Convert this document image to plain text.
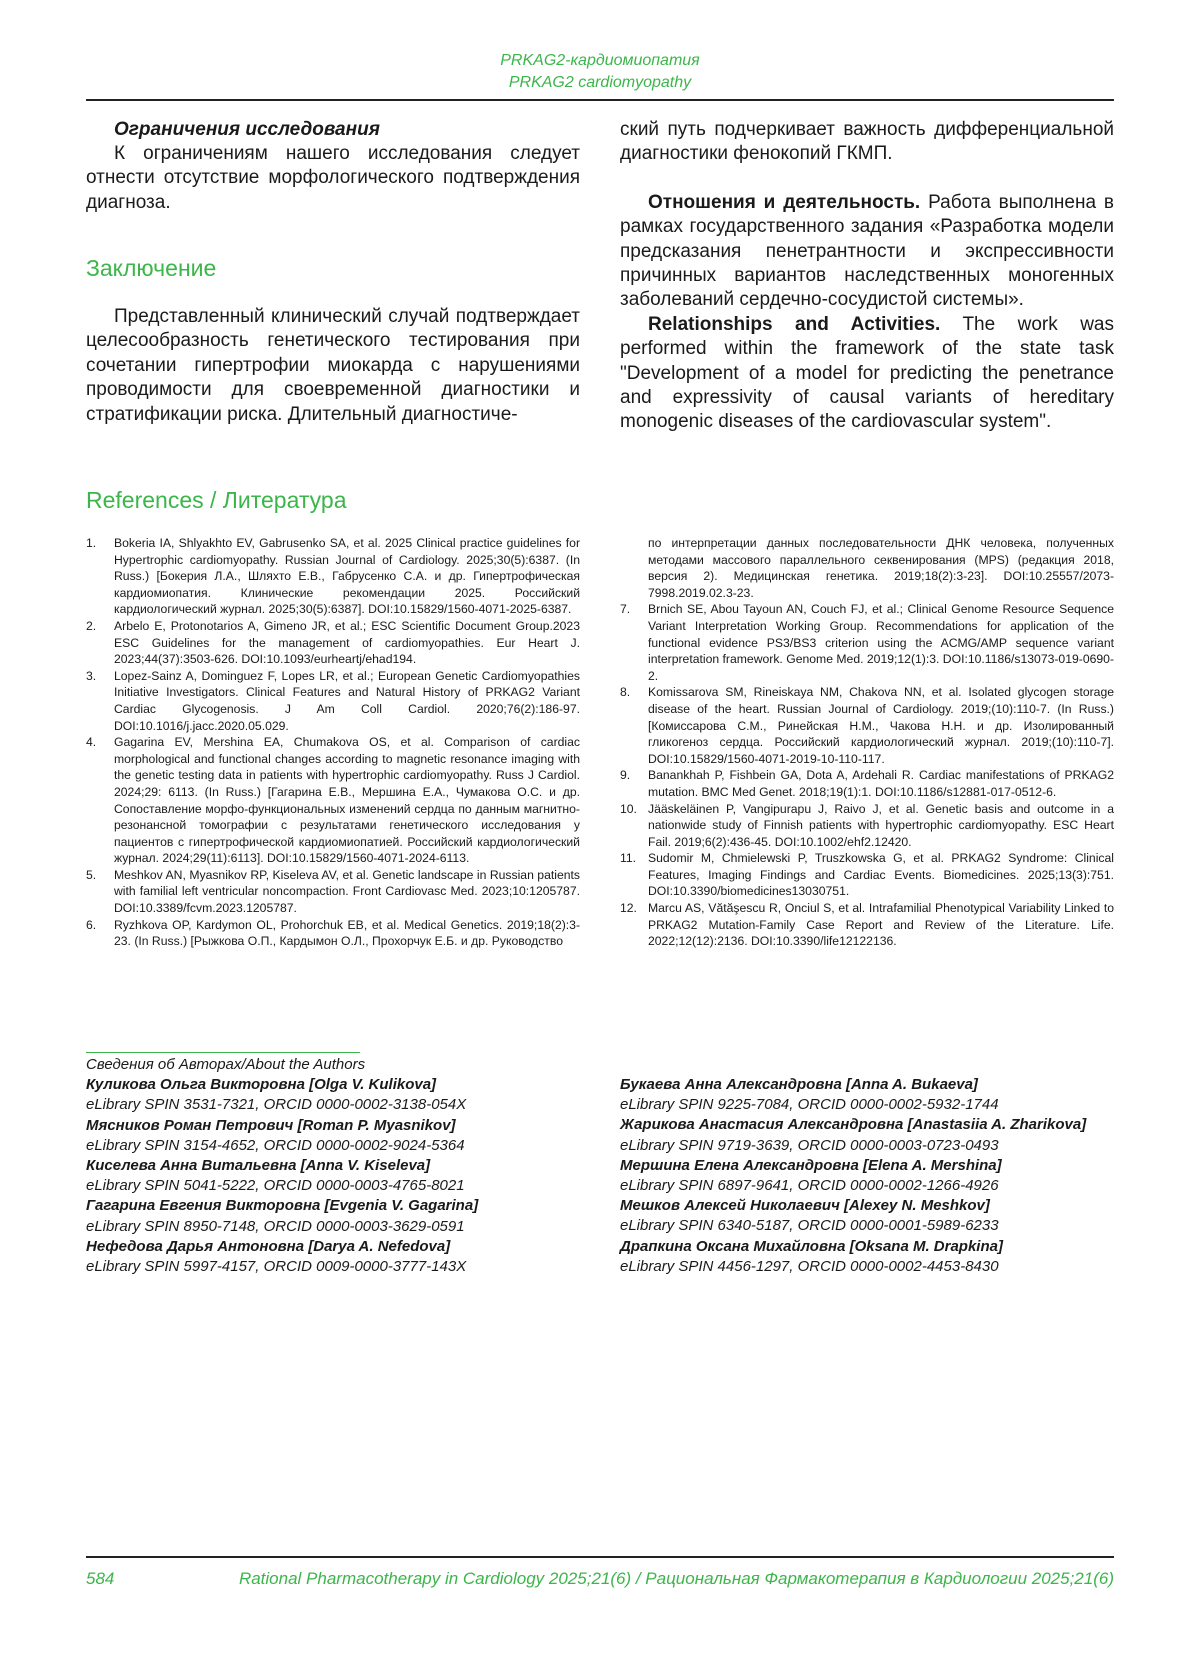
PRKAG2-кардиомиопатия
PRKAG2 cardiomyopathy

Ограничения исследования

К ограничениям нашего исследования следует отнести отсутствие морфологического подтверждения диагноза.

Заключение

Представленный клинический случай подтверждает целесообразность генетического тестирования при сочетании гипертрофии миокарда с нарушениями проводимости для своевременной диагностики и стратификации риска. Длительный диагностиче-

ский путь подчеркивает важность дифференциальной диагностики фенокопий ГКМП.

Отношения и деятельность. Работа выполнена в рамках государственного задания «Разработка модели предсказания пенетрантности и экспрессивности причинных вариантов наследственных моногенных заболеваний сердечно-сосудистой системы».

Relationships and Activities. The work was performed within the framework of the state task "Development of a model for predicting the penetrance and expressivity of causal variants of hereditary monogenic diseases of the cardiovascular system".

References / Литература
1.	Bokeria IA, Shlyakhto EV, Gabrusenko SA, et al. 2025 Clinical practice guidelines for Hypertrophic cardiomyopathy. Russian Journal of Cardiology. 2025;30(5):6387. (In Russ.) [Бокерия Л.А., Шляхто Е.В., Габрусенко С.А. и др. Гипертрофическая кардиомиопатия. Клинические рекомендации 2025. Российский кардиологический журнал. 2025;30(5):6387]. DOI:10.15829/1560-4071-2025-6387.
2.	Arbelo E, Protonotarios A, Gimeno JR, et al.; ESC Scientific Document Group.2023 ESC Guidelines for the management of cardiomyopathies. Eur Heart J. 2023;44(37):3503-626. DOI:10.1093/eurheartj/ehad194.
3.	Lopez-Sainz A, Dominguez F, Lopes LR, et al.; European Genetic Cardiomyopathies Initiative Investigators. Clinical Features and Natural History of PRKAG2 Variant Cardiac Glycogenosis. J Am Coll Cardiol. 2020;76(2):186-97. DOI:10.1016/j.jacc.2020.05.029.
4.	Gagarina EV, Mershina EA, Chumakova OS, et al. Comparison of cardiac morphological and functional changes according to magnetic resonance imaging with the genetic testing data in patients with hypertrophic cardiomyopathy. Russ J Cardiol. 2024;29: 6113. (In Russ.) [Гагарина Е.В., Мершина Е.А., Чумакова О.С. и др. Сопоставление морфо-функциональных изменений сердца по данным магнитно-резонансной томографии с результатами генетического исследования у пациентов с гипертрофической кардиомиопатией. Российский кардиологический журнал. 2024;29(11):6113]. DOI:10.15829/1560-4071-2024-6113.
5.	Meshkov AN, Myasnikov RP, Kiseleva AV, et al. Genetic landscape in Russian patients with familial left ventricular noncompaction. Front Cardiovasc Med. 2023;10:1205787. DOI:10.3389/fcvm.2023.1205787.
6.	Ryzhkova OP, Kardymon OL, Prohorchuk EB, et al. Medical Genetics. 2019;18(2):3-23. (In Russ.) [Рыжкова О.П., Кардымон О.Л., Прохорчук Е.Б. и др. Руководство
по интерпретации данных последовательности ДНК человека, полученных методами массового параллельного секвенирования (MPS) (редакция 2018, версия 2). Медицинская генетика. 2019;18(2):3-23]. DOI:10.25557/2073-7998.2019.02.3-23.
7.	Brnich SE, Abou Tayoun AN, Couch FJ, et al.; Clinical Genome Resource Sequence Variant Interpretation Working Group. Recommendations for application of the functional evidence PS3/BS3 criterion using the ACMG/AMP sequence variant interpretation framework. Genome Med. 2019;12(1):3. DOI:10.1186/s13073-019-0690-2.
8.	Komissarova SM, Rineiskaya NM, Chakova NN, et al. Isolated glycogen storage disease of the heart. Russian Journal of Cardiology. 2019;(10):110-7. (In Russ.) [Комиссарова С.М., Ринейская Н.М., Чакова Н.Н. и др. Изолированный гликогеноз сердца. Российский кардиологический журнал. 2019;(10):110-7]. DOI:10.15829/1560-4071-2019-10-110-117.
9.	Banankhah P, Fishbein GA, Dota A, Ardehali R. Cardiac manifestations of PRKAG2 mutation. BMC Med Genet. 2018;19(1):1. DOI:10.1186/s12881-017-0512-6.
10. Jääskeläinen P, Vangipurapu J, Raivo J, et al. Genetic basis and outcome in a nationwide study of Finnish patients with hypertrophic cardiomyopathy. ESC Heart Fail. 2019;6(2):436-45. DOI:10.1002/ehf2.12420.
11. Sudomir M, Chmielewski P, Truszkowska G, et al. PRKAG2 Syndrome: Clinical Features, Imaging Findings and Cardiac Events. Biomedicines. 2025;13(3):751. DOI:10.3390/biomedicines13030751.
12. Marcu AS, Vătăşescu R, Onciul S, et al. Intrafamilial Phenotypical Variability Linked to PRKAG2 Mutation-Family Case Report and Review of the Literature. Life. 2022;12(12):2136. DOI:10.3390/life12122136.
Сведения об Авторах/About the Authors
Куликова Ольга Викторовна [Olga V. Kulikova]
eLibrary SPIN 3531-7321, ORCID 0000-0002-3138-054X
Мясников Роман Петрович [Roman P. Myasnikov]
eLibrary SPIN 3154-4652, ORCID 0000-0002-9024-5364
Киселева Анна Витальевна [Anna V. Kiseleva]
eLibrary SPIN 5041-5222, ORCID 0000-0003-4765-8021
Гагарина Евгения Викторовна [Evgenia V. Gagarina]
eLibrary SPIN 8950-7148, ORCID 0000-0003-3629-0591
Нефедова Дарья Антоновна [Darya A. Nefedova]
eLibrary SPIN 5997-4157, ORCID 0009-0000-3777-143X
Букаева Анна Александровна [Anna A. Bukaeva]
eLibrary SPIN 9225-7084, ORCID 0000-0002-5932-1744
Жарикова Анастасия Александровна [Anastasiia A. Zharikova]
eLibrary SPIN 9719-3639, ORCID 0000-0003-0723-0493
Мершина Елена Александровна [Elena A. Mershina]
eLibrary SPIN 6897-9641, ORCID 0000-0002-1266-4926
Мешков Алексей Николаевич [Alexey N. Meshkov]
eLibrary SPIN 6340-5187, ORCID 0000-0001-5989-6233
Драпкина Оксана Михайловна [Oksana M. Drapkina]
eLibrary SPIN 4456-1297, ORCID 0000-0002-4453-8430
584	Rational Pharmacotherapy in Cardiology 2025;21(6) / Рациональная Фармакотерапия в Кардиологии 2025;21(6)
